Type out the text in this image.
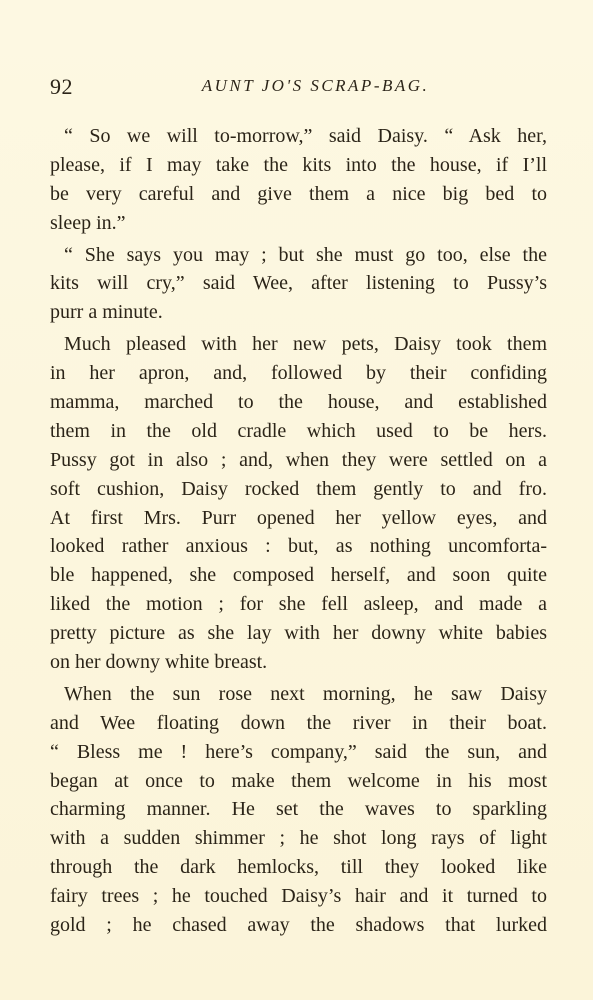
92	AUNT JO'S SCRAP-BAG.
“ So we will to-morrow,” said Daisy. “ Ask her,
please, if I may take the kits into the house, if I’ll
be very careful and give them a nice big bed to
sleep in.”
“ She says you may ; but she must go too, else the
kits will cry,” said Wee, after listening to Pussy’s
purr a minute.
Much pleased with her new pets, Daisy took them
in her apron, and, followed by their confiding
mamma, marched to the house, and established
them in the old cradle which used to be hers.
Pussy got in also ; and, when they were settled on a
soft cushion, Daisy rocked them gently to and fro.
At first Mrs. Purr opened her yellow eyes, and
looked rather anxious : but, as nothing uncomforta-
ble happened, she composed herself, and soon quite
liked the motion ; for she fell asleep, and made a
pretty picture as she lay with her downy white babies
on her downy white breast.
When the sun rose next morning, he saw Daisy
and Wee floating down the river in their boat.
“ Bless me ! here’s company,” said the sun, and
began at once to make them welcome in his most
charming manner. He set the waves to sparkling
with a sudden shimmer ; he shot long rays of light
through the dark hemlocks, till they looked like
fairy trees ; he touched Daisy’s hair and it turned to
gold ; he chased away the shadows that lurked
